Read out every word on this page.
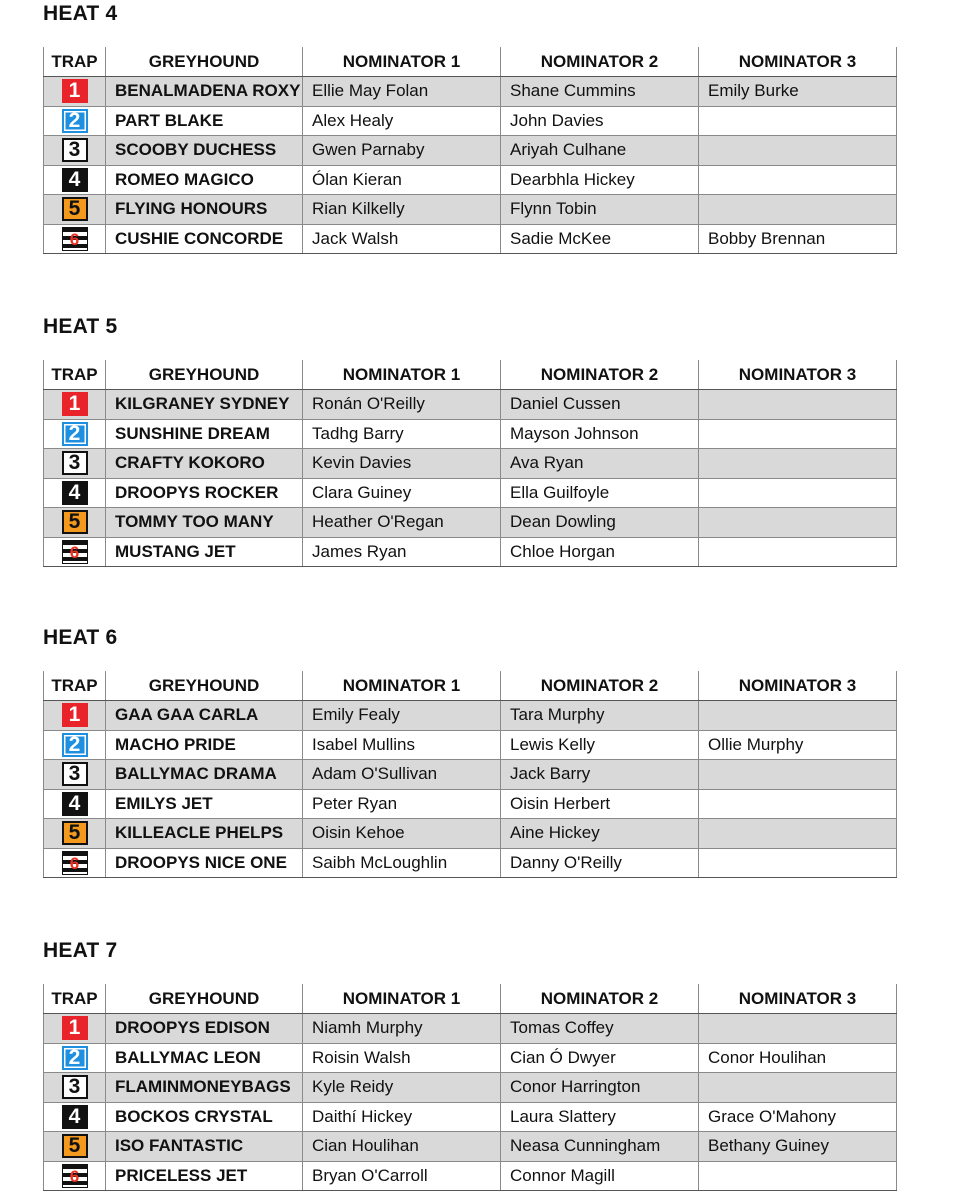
HEAT 4
TRAP	GREYHOUND	NOMINATOR 1	NOMINATOR 2	NOMINATOR 3
1	BENALMADENA ROXY	Ellie May Folan	Shane Cummins	Emily Burke
2	PART BLAKE	Alex Healy	John Davies	
3	SCOOBY DUCHESS	Gwen Parnaby	Ariyah Culhane	
4	ROMEO MAGICO	Ólan Kieran	Dearbhla Hickey	
5	FLYING HONOURS	Rian Kilkelly	Flynn Tobin	
6	CUSHIE CONCORDE	Jack Walsh	Sadie McKee	Bobby Brennan
HEAT 5
TRAP	GREYHOUND	NOMINATOR 1	NOMINATOR 2	NOMINATOR 3
1	KILGRANEY SYDNEY	Ronán O'Reilly	Daniel Cussen	
2	SUNSHINE DREAM	Tadhg Barry	Mayson Johnson	
3	CRAFTY KOKORO	Kevin Davies	Ava Ryan	
4	DROOPYS ROCKER	Clara Guiney	Ella Guilfoyle	
5	TOMMY TOO MANY	Heather O'Regan	Dean Dowling	
6	MUSTANG JET	James Ryan	Chloe Horgan	
HEAT 6
TRAP	GREYHOUND	NOMINATOR 1	NOMINATOR 2	NOMINATOR 3
1	GAA GAA CARLA	Emily Fealy	Tara Murphy	
2	MACHO PRIDE	Isabel Mullins	Lewis Kelly	Ollie Murphy
3	BALLYMAC DRAMA	Adam O'Sullivan	Jack Barry	
4	EMILYS JET	Peter Ryan	Oisin Herbert	
5	KILLEACLE PHELPS	Oisin Kehoe	Aine Hickey	
6	DROOPYS NICE ONE	Saibh McLoughlin	Danny O'Reilly	
HEAT 7
TRAP	GREYHOUND	NOMINATOR 1	NOMINATOR 2	NOMINATOR 3
1	DROOPYS EDISON	Niamh Murphy	Tomas Coffey	
2	BALLYMAC LEON	Roisin Walsh	Cian Ó Dwyer	Conor Houlihan
3	FLAMINMONEYBAGS	Kyle Reidy	Conor Harrington	
4	BOCKOS CRYSTAL	Daithí Hickey	Laura Slattery	Grace O'Mahony
5	ISO FANTASTIC	Cian Houlihan	Neasa Cunningham	Bethany Guiney
6	PRICELESS JET	Bryan O'Carroll	Connor Magill	
